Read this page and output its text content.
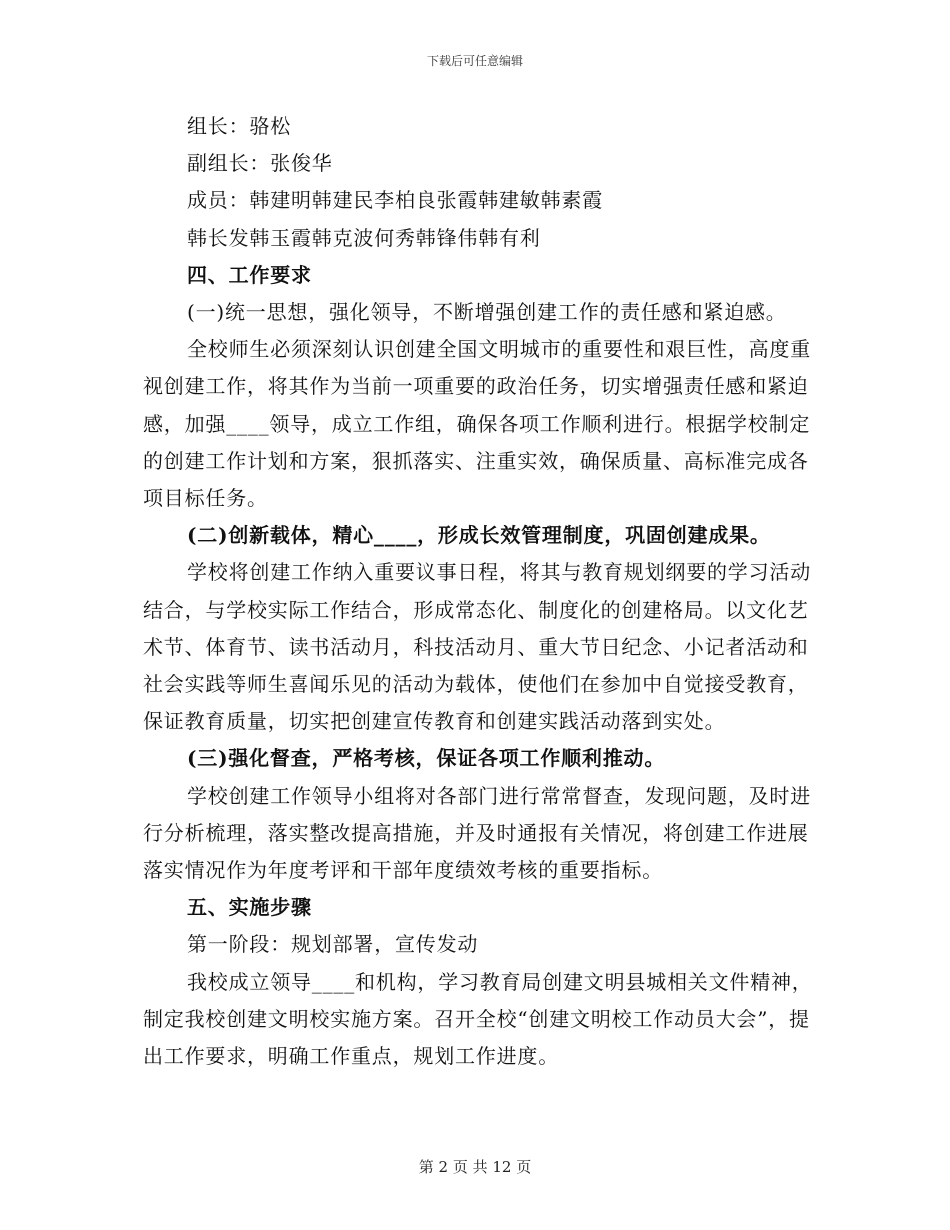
下载后可任意编辑

组长：骆松

副组长：张俊华

成员：韩建明韩建民李柏良张霞韩建敏韩素霞

韩长发韩玉霞韩克波何秀韩锋伟韩有利

四、工作要求

(一)统一思想，强化领导，不断增强创建工作的责任感和紧迫感。

全校师生必须深刻认识创建全国文明城市的重要性和艰巨性，高度重视创建工作，将其作为当前一项重要的政治任务，切实增强责任感和紧迫感，加强____领导，成立工作组，确保各项工作顺利进行。根据学校制定的创建工作计划和方案，狠抓落实、注重实效，确保质量、高标准完成各项目标任务。

(二)创新载体，精心____，形成长效管理制度，巩固创建成果。

学校将创建工作纳入重要议事日程，将其与教育规划纲要的学习活动结合，与学校实际工作结合，形成常态化、制度化的创建格局。以文化艺术节、体育节、读书活动月，科技活动月、重大节日纪念、小记者活动和社会实践等师生喜闻乐见的活动为载体，使他们在参加中自觉接受教育，保证教育质量，切实把创建宣传教育和创建实践活动落到实处。

(三)强化督查，严格考核，保证各项工作顺利推动。

学校创建工作领导小组将对各部门进行常常督查，发现问题，及时进行分析梳理，落实整改提高措施，并及时通报有关情况，将创建工作进展落实情况作为年度考评和干部年度绩效考核的重要指标。

五、实施步骤

第一阶段：规划部署，宣传发动

我校成立领导____和机构，学习教育局创建文明县城相关文件精神，制定我校创建文明校实施方案。召开全校“创建文明校工作动员大会”，提出工作要求，明确工作重点，规划工作进度。

第 2 页 共 12 页
